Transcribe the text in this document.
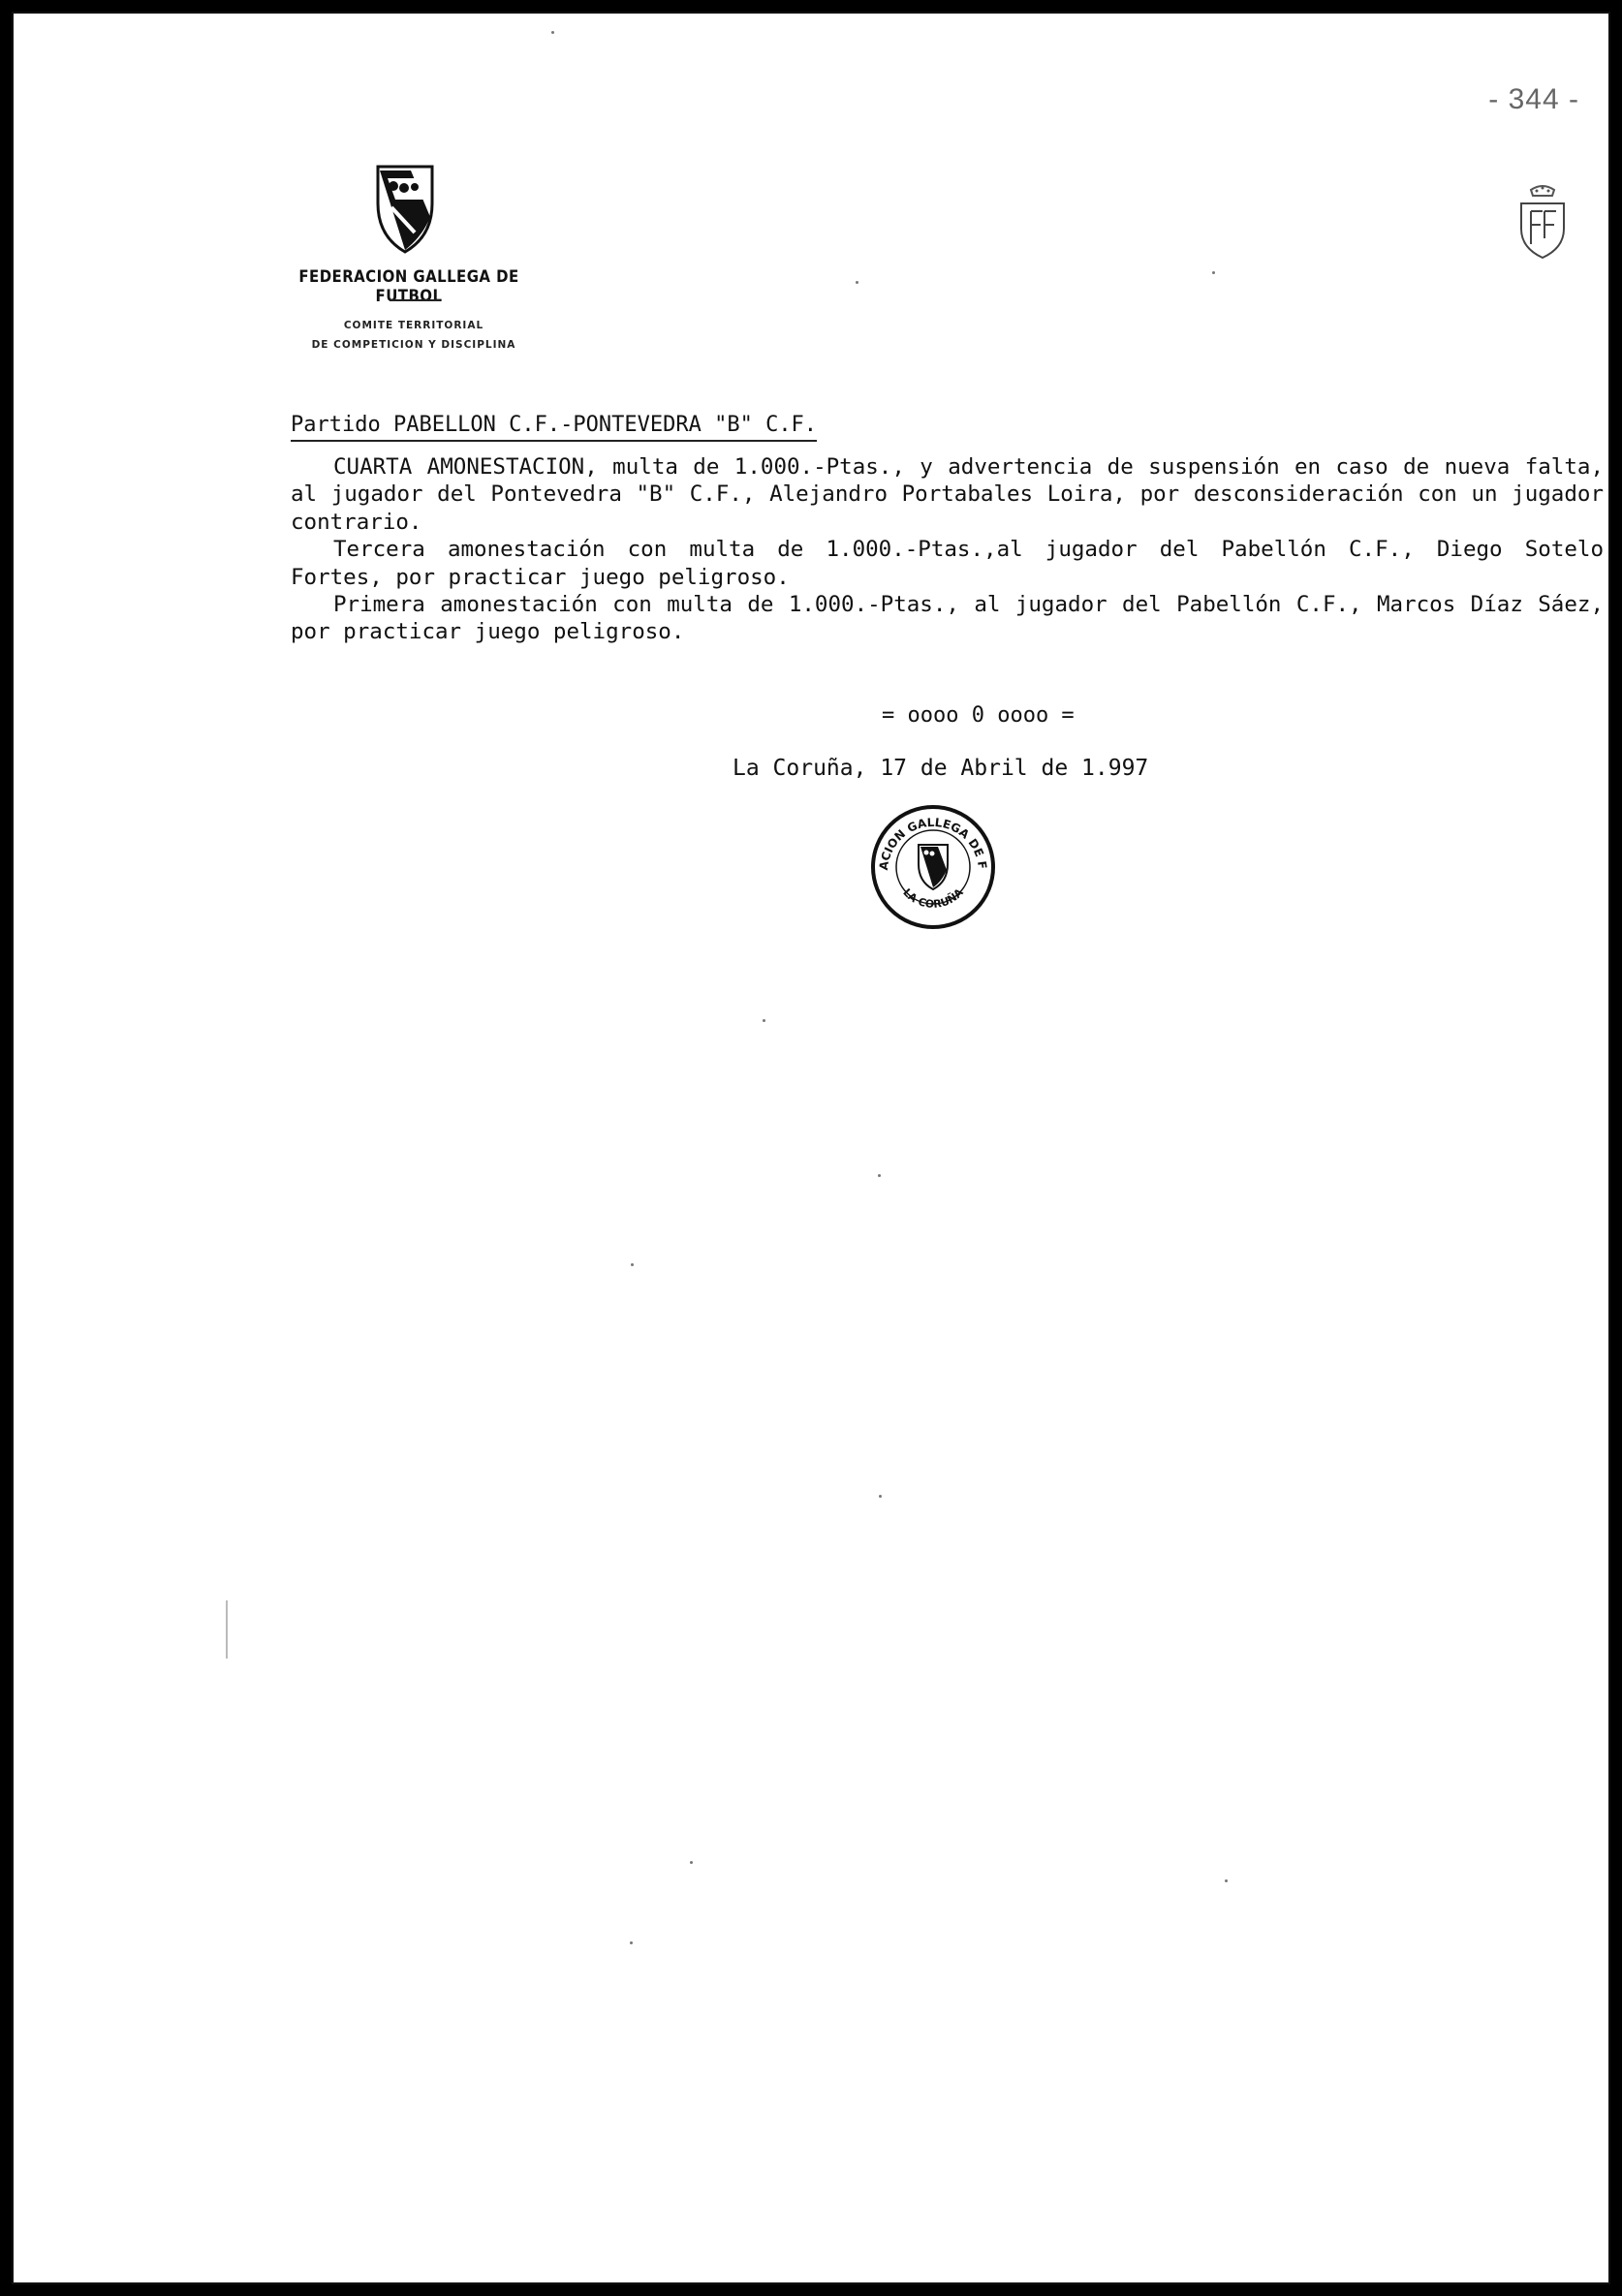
- 344 -
FEDERACION GALLEGA DE FUTBOL
COMITE TERRITORIAL
DE COMPETICION Y DISCIPLINA
Partido PABELLON C.F.-PONTEVEDRA "B" C.F.

CUARTA AMONESTACION, multa de 1.000.-Ptas., y advertencia de suspensión en caso de nueva falta, al jugador del Pontevedra "B" C.F., Alejandro Portabales Loira, por desconsideración con un jugador contrario.

Tercera amonestación con multa de 1.000.-Ptas.,al jugador del Pabellón C.F., Diego Sotelo Fortes, por practicar juego peligroso.

Primera amonestación con multa de 1.000.-Ptas., al jugador del Pabellón C.F., Marcos Díaz Sáez, por practicar juego peligroso.

= oooo 0 oooo =
La Coruña, 17 de Abril de 1.997
ACION GALLEGA DE F
LA CORUÑA
